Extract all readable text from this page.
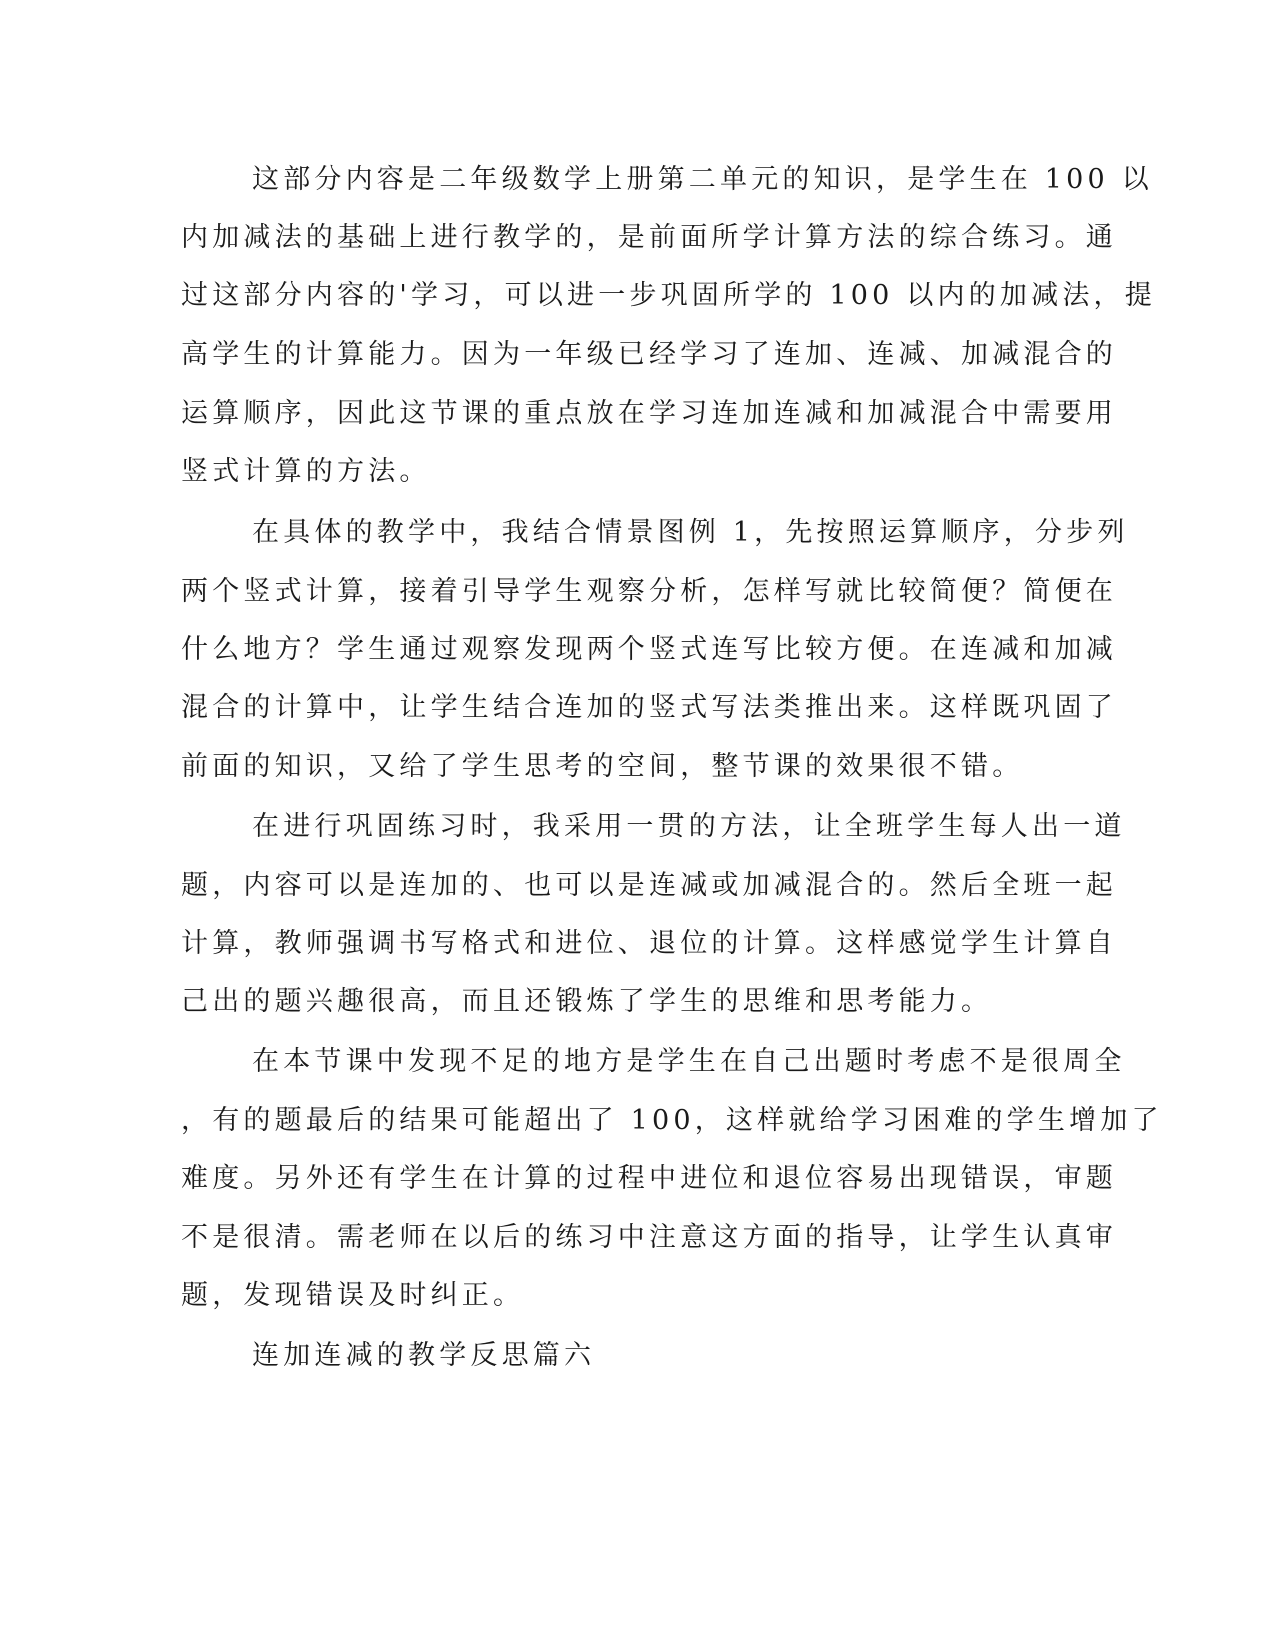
这部分内容是二年级数学上册第二单元的知识，是学生在 100 以
内加减法的基础上进行教学的，是前面所学计算方法的综合练习。通
过这部分内容的'学习，可以进一步巩固所学的 100 以内的加减法，提
高学生的计算能力。因为一年级已经学习了连加、连减、加减混合的
运算顺序，因此这节课的重点放在学习连加连减和加减混合中需要用
竖式计算的方法。
在具体的教学中，我结合情景图例 1，先按照运算顺序，分步列
两个竖式计算，接着引导学生观察分析，怎样写就比较简便？简便在
什么地方？学生通过观察发现两个竖式连写比较方便。在连减和加减
混合的计算中，让学生结合连加的竖式写法类推出来。这样既巩固了
前面的知识，又给了学生思考的空间，整节课的效果很不错。
在进行巩固练习时，我采用一贯的方法，让全班学生每人出一道
题，内容可以是连加的、也可以是连减或加减混合的。然后全班一起
计算，教师强调书写格式和进位、退位的计算。这样感觉学生计算自
己出的题兴趣很高，而且还锻炼了学生的思维和思考能力。
在本节课中发现不足的地方是学生在自己出题时考虑不是很周全
，有的题最后的结果可能超出了 100，这样就给学习困难的学生增加了
难度。另外还有学生在计算的过程中进位和退位容易出现错误，审题
不是很清。需老师在以后的练习中注意这方面的指导，让学生认真审
题，发现错误及时纠正。
连加连减的教学反思篇六
